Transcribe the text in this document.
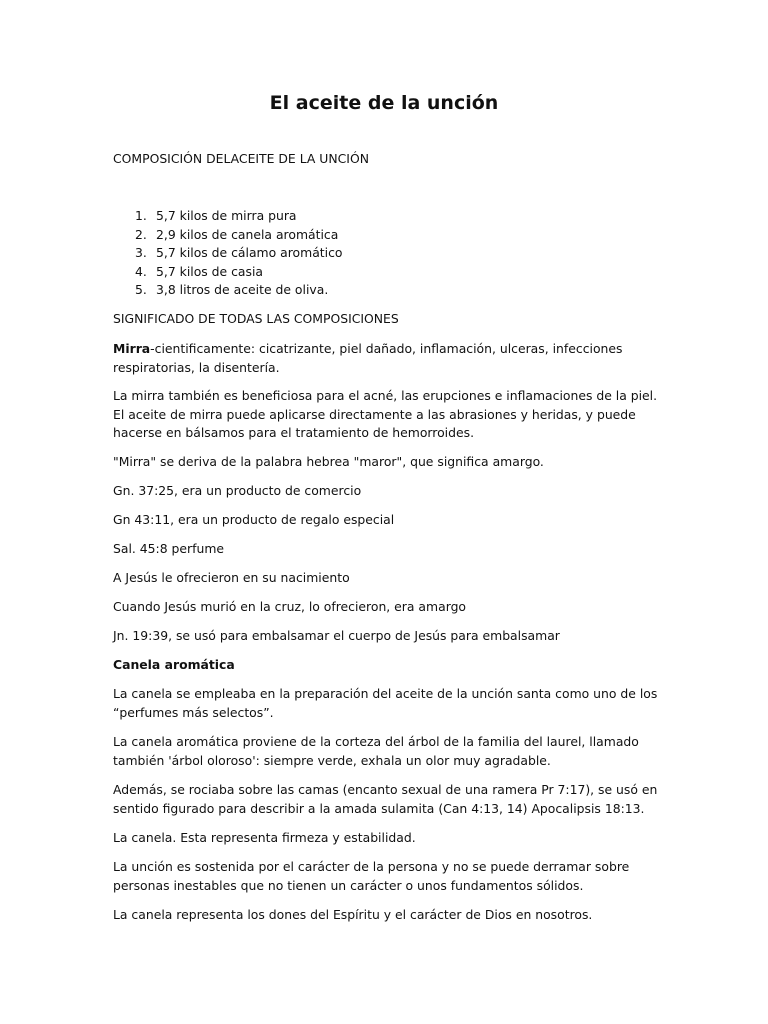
El aceite de la unción

COMPOSICIÓN DELACEITE DE LA UNCIÓN

1. 5,7 kilos de mirra pura
2. 2,9 kilos de canela aromática
3. 5,7 kilos de cálamo aromático
4. 5,7 kilos de casia
5. 3,8 litros de aceite de oliva.

SIGNIFICADO DE TODAS LAS COMPOSICIONES

Mirra-cientificamente: cicatrizante, piel dañado, inflamación, ulceras, infecciones respiratorias, la disentería.

La mirra también es beneficiosa para el acné, las erupciones e inflamaciones de la piel. El aceite de mirra puede aplicarse directamente a las abrasiones y heridas, y puede hacerse en bálsamos para el tratamiento de hemorroides.

"Mirra" se deriva de la palabra hebrea "maror", que significa amargo.

Gn. 37:25, era un producto de comercio

Gn 43:11, era un producto de regalo especial

Sal. 45:8 perfume

A Jesús le ofrecieron en su nacimiento

Cuando Jesús murió en la cruz, lo ofrecieron, era amargo

Jn. 19:39, se usó para embalsamar el cuerpo de Jesús para embalsamar

Canela aromática

La canela se empleaba en la preparación del aceite de la unción santa como uno de los “perfumes más selectos”.

La canela aromática proviene de la corteza del árbol de la familia del laurel, llamado también 'árbol oloroso': siempre verde, exhala un olor muy agradable.

Además, se rociaba sobre las camas (encanto sexual de una ramera Pr 7:17), se usó en sentido figurado para describir a la amada sulamita (Can 4:13, 14) Apocalipsis 18:13.

La canela. Esta representa firmeza y estabilidad.

La unción es sostenida por el carácter de la persona y no se puede derramar sobre personas inestables que no tienen un carácter o unos fundamentos sólidos.

La canela representa los dones del Espíritu y el carácter de Dios en nosotros.
